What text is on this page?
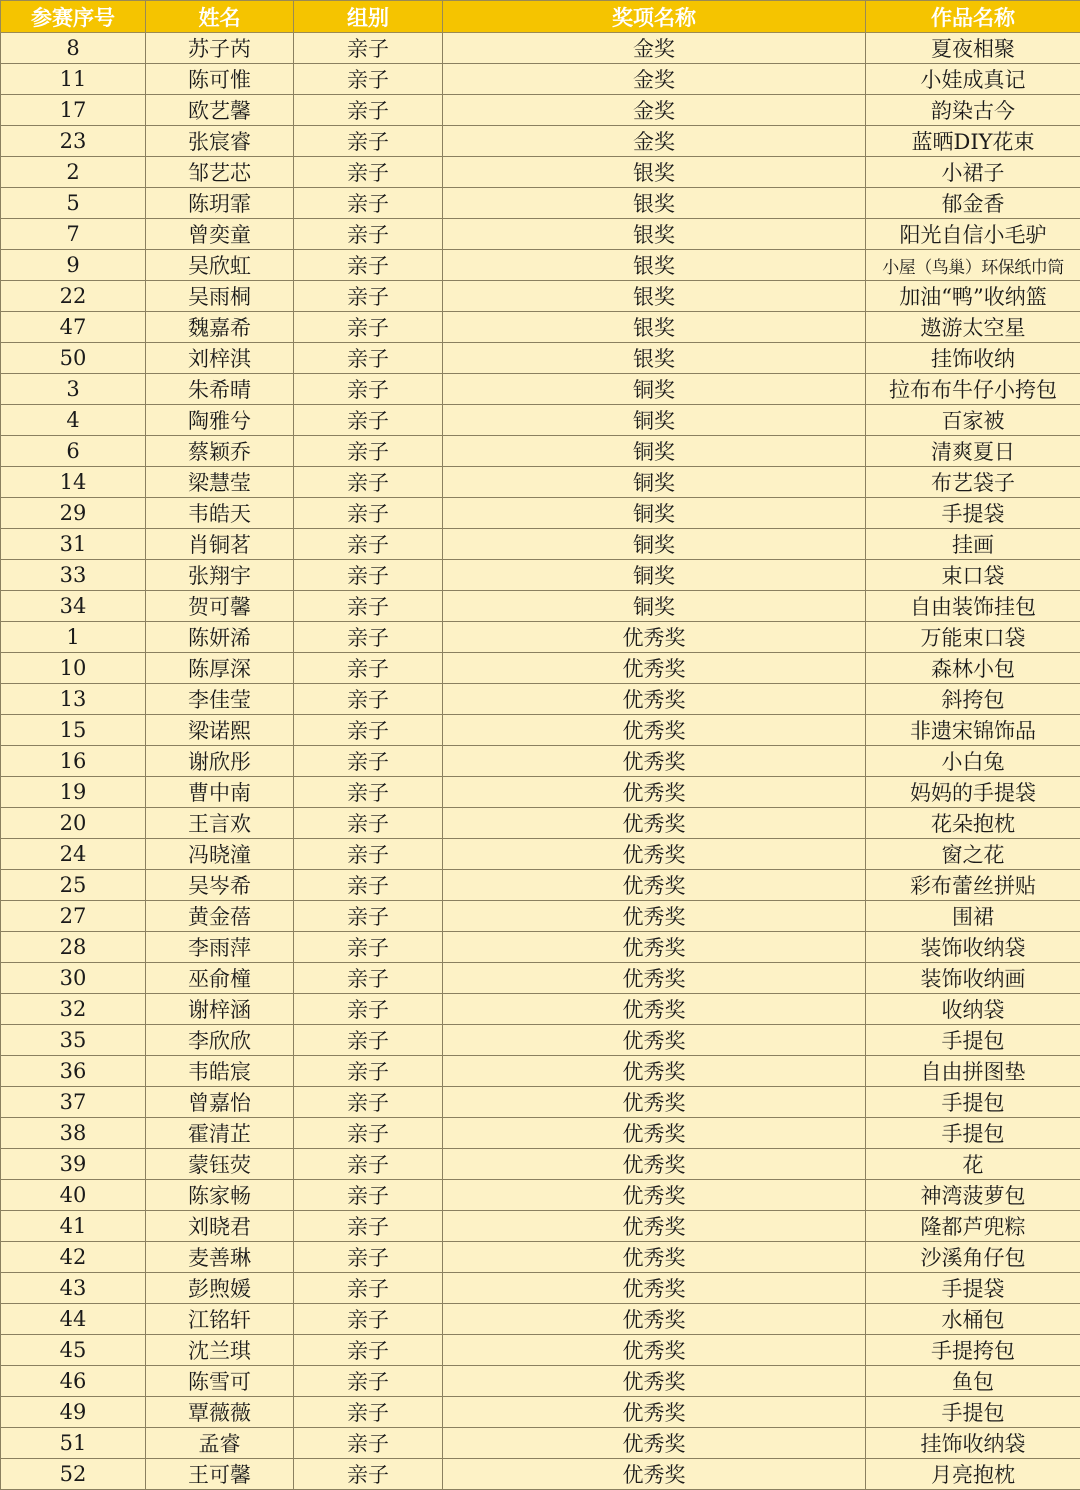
参赛序号	姓名	组别	奖项名称	作品名称
8	苏子芮	亲子	金奖	夏夜相聚
11	陈可惟	亲子	金奖	小娃成真记
17	欧艺馨	亲子	金奖	韵染古今
23	张宸睿	亲子	金奖	蓝晒DIY花束
2	邹艺芯	亲子	银奖	小裙子
5	陈玥霏	亲子	银奖	郁金香
7	曾奕童	亲子	银奖	阳光自信小毛驴
9	吴欣虹	亲子	银奖	小屋（鸟巢）环保纸巾筒
22	吴雨桐	亲子	银奖	加油“鸭”收纳篮
47	魏嘉希	亲子	银奖	遨游太空星
50	刘梓淇	亲子	银奖	挂饰收纳
3	朱希晴	亲子	铜奖	拉布布牛仔小挎包
4	陶雅兮	亲子	铜奖	百家被
6	蔡颖乔	亲子	铜奖	清爽夏日
14	梁慧莹	亲子	铜奖	布艺袋子
29	韦皓天	亲子	铜奖	手提袋
31	肖铜茗	亲子	铜奖	挂画
33	张翔宇	亲子	铜奖	束口袋
34	贺可馨	亲子	铜奖	自由装饰挂包
1	陈妍浠	亲子	优秀奖	万能束口袋
10	陈厚深	亲子	优秀奖	森林小包
13	李佳莹	亲子	优秀奖	斜挎包
15	梁诺熙	亲子	优秀奖	非遗宋锦饰品
16	谢欣彤	亲子	优秀奖	小白兔
19	曹中南	亲子	优秀奖	妈妈的手提袋
20	王言欢	亲子	优秀奖	花朵抱枕
24	冯晓潼	亲子	优秀奖	窗之花
25	吴岑希	亲子	优秀奖	彩布蕾丝拼贴
27	黄金蓓	亲子	优秀奖	围裙
28	李雨萍	亲子	优秀奖	装饰收纳袋
30	巫俞橦	亲子	优秀奖	装饰收纳画
32	谢梓涵	亲子	优秀奖	收纳袋
35	李欣欣	亲子	优秀奖	手提包
36	韦皓宸	亲子	优秀奖	自由拼图垫
37	曾嘉怡	亲子	优秀奖	手提包
38	霍清芷	亲子	优秀奖	手提包
39	蒙钰荧	亲子	优秀奖	花
40	陈家畅	亲子	优秀奖	神湾菠萝包
41	刘晓君	亲子	优秀奖	隆都芦兜粽
42	麦善琳	亲子	优秀奖	沙溪角仔包
43	彭煦媛	亲子	优秀奖	手提袋
44	江铭轩	亲子	优秀奖	水桶包
45	沈兰琪	亲子	优秀奖	手提挎包
46	陈雪可	亲子	优秀奖	鱼包
49	覃薇薇	亲子	优秀奖	手提包
51	孟睿	亲子	优秀奖	挂饰收纳袋
52	王可馨	亲子	优秀奖	月亮抱枕
